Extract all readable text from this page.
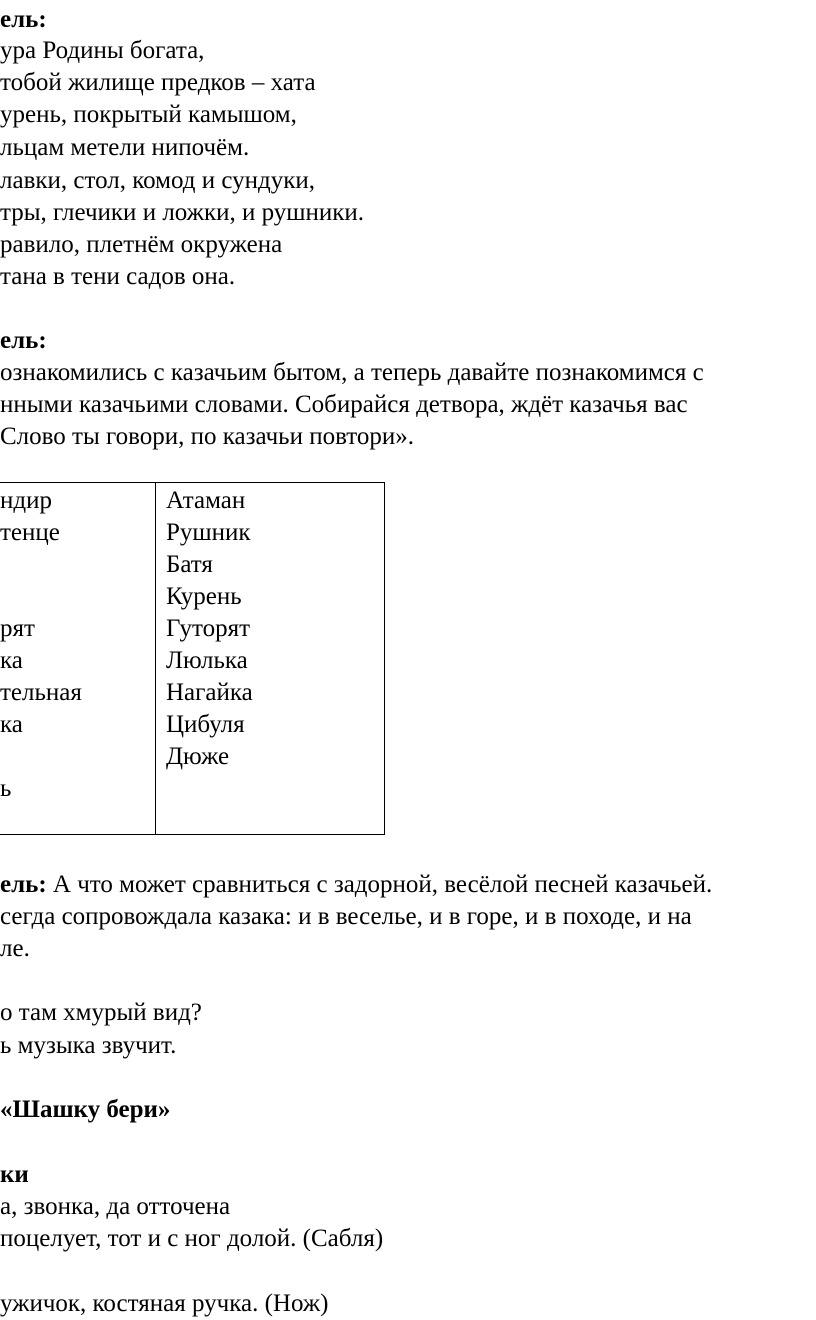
ель:
ура Родины богата,
тобой жилище предков – хата
урень, покрытый камышом,
льцам метели нипочём.
лавки, стол, комод и сундуки,
тры, глечики и ложки, и рушники.
равило, плетнём окружена
тана в тени садов она.
ель:
ознакомились с казачьим бытом, а теперь давайте познакомимся с
нными казачьими словами. Собирайся детвора, ждёт казачья вас
Слово ты говори, по казачьи повтори».
ндир
тенце
рят
ка
тельная
ка
ь
Атаман
Рушник
Батя
Курень
Гуторят
Люлька
Нагайка
Цибуля
Дюже
ель: А что может сравниться с задорной, весёлой песней казачьей.
сегда сопровождала казака: и в веселье, и в горе, и в походе, и на
ле.
о там хмурый вид?
ь музыка звучит.
«Шашку бери»
ки
а, звонка, да отточена
поцелует, тот и с ног долой. (Сабля)
ужичок, костяная ручка. (Нож)
